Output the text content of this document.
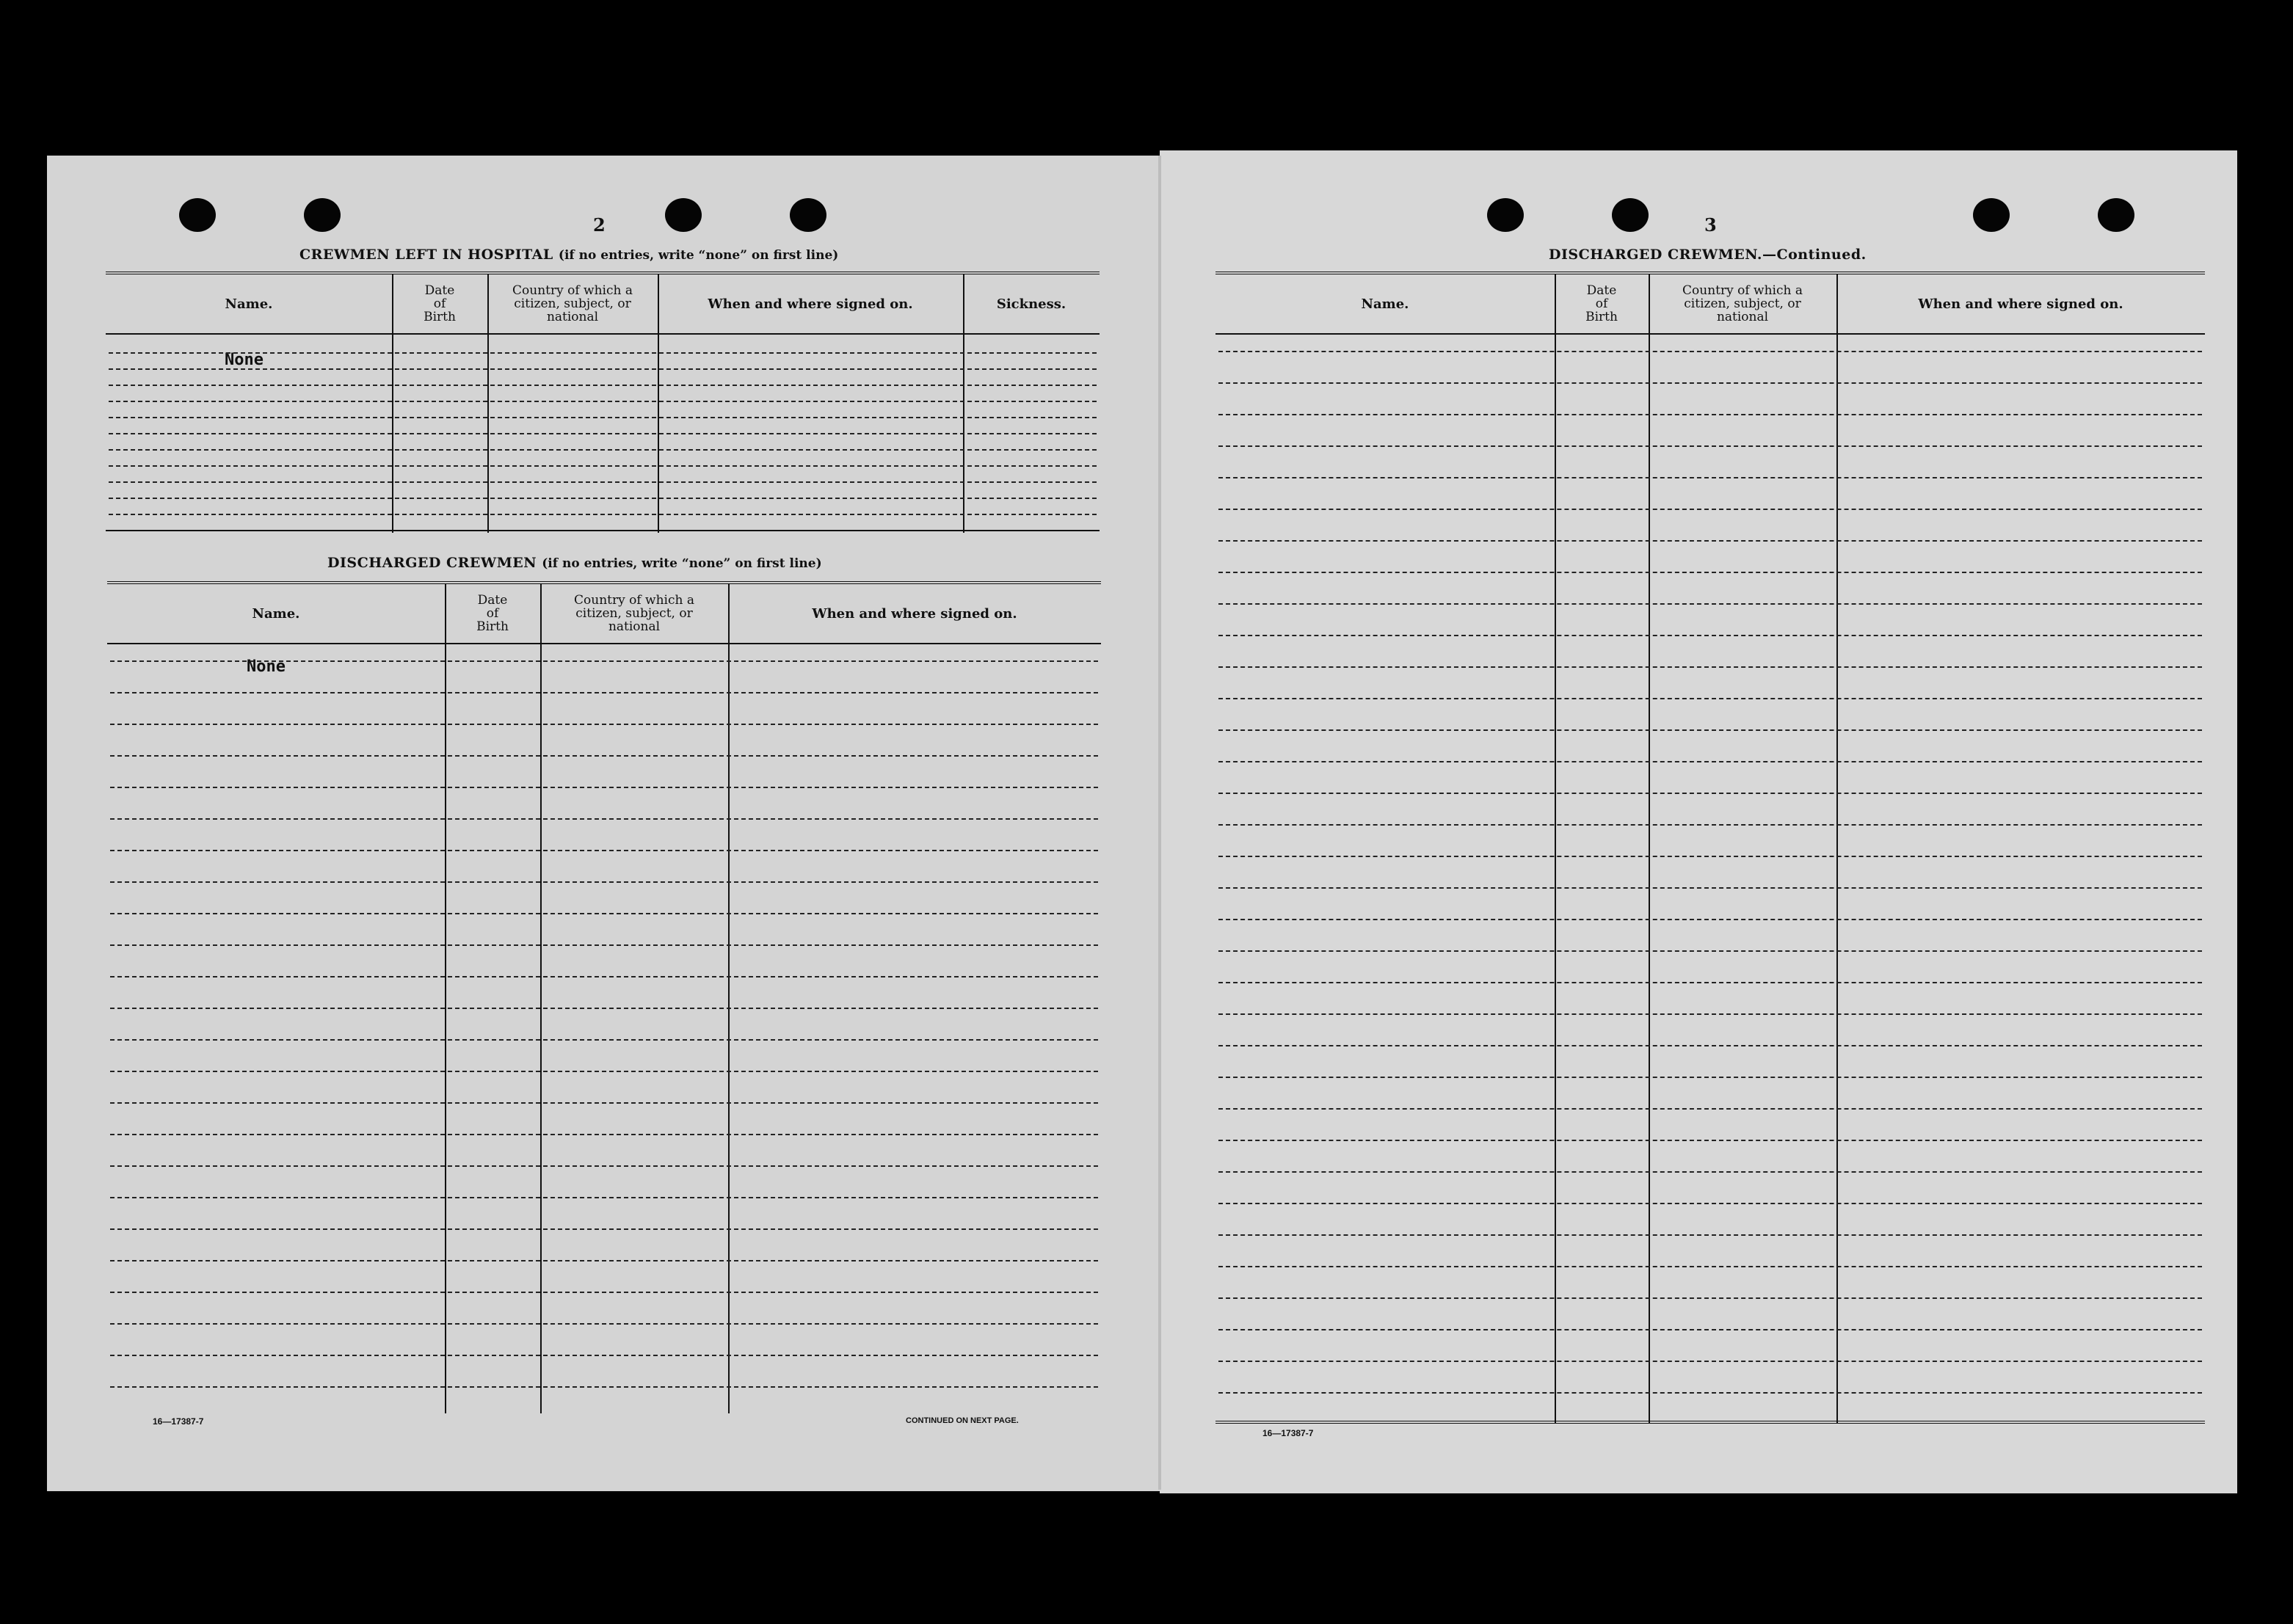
2
CREWMEN LEFT IN HOSPITAL (if no entries, write “none” on first line)
Name.
Date of Birth
Country of which a citizen, subject, or national
When and where signed on.	Sickness.
None
DISCHARGED CREWMEN (if no entries, write “none” on first line)
Name.
Date of Birth
Country of which a citizen, subject, or national
When and where signed on.
None
16—17387-7	CONTINUED ON NEXT PAGE.
3
DISCHARGED CREWMEN.—Continued.
Name.
Date of Birth
Country of which a citizen, subject, or national
When and where signed on.
16—17387-7
